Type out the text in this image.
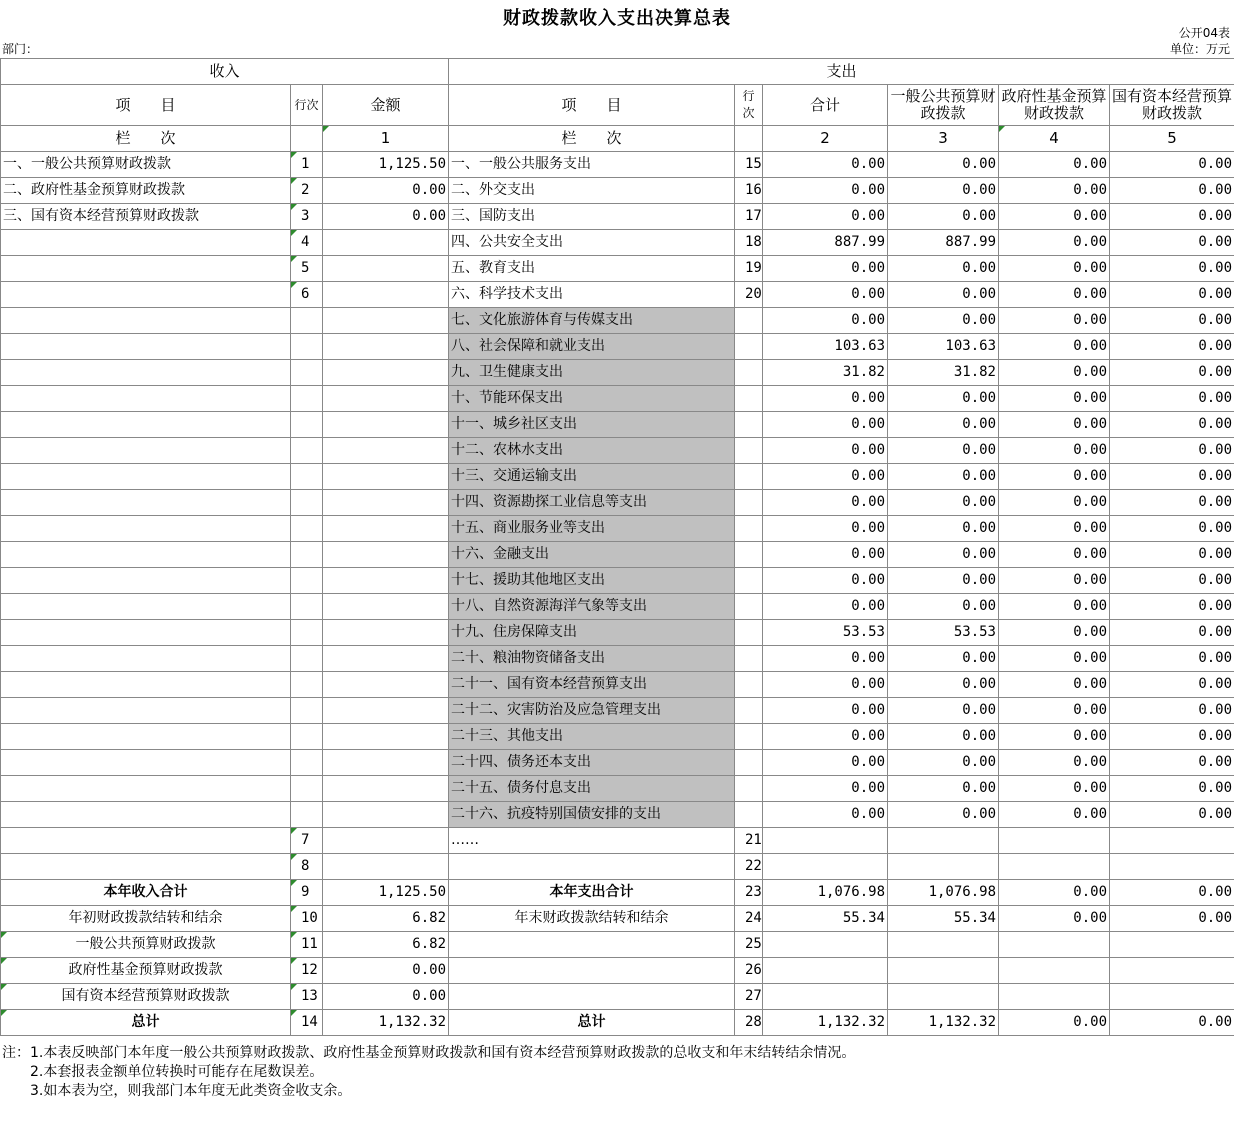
财政拨款收入支出决算总表
公开04表
部门：	单位：万元
收入			支出					
项　　目	行次	金额	项　　目	行次	合计	一般公共预算财政拨款	政府性基金预算财政拨款	国有资本经营预算财政拨款
栏　　次		1	栏　　次		2	3	4	5
一、一般公共预算财政拨款	1	1,125.50	一、一般公共服务支出	15	0.00	0.00	0.00	0.00
二、政府性基金预算财政拨款	2	0.00	二、外交支出	16	0.00	0.00	0.00	0.00
三、国有资本经营预算财政拨款	3	0.00	三、国防支出	17	0.00	0.00	0.00	0.00
	4		四、公共安全支出	18	887.99	887.99	0.00	0.00
	5		五、教育支出	19	0.00	0.00	0.00	0.00
	6		六、科学技术支出	20	0.00	0.00	0.00	0.00
			七、文化旅游体育与传媒支出		0.00	0.00	0.00	0.00
			八、社会保障和就业支出		103.63	103.63	0.00	0.00
			九、卫生健康支出		31.82	31.82	0.00	0.00
			十、节能环保支出		0.00	0.00	0.00	0.00
			十一、城乡社区支出		0.00	0.00	0.00	0.00
			十二、农林水支出		0.00	0.00	0.00	0.00
			十三、交通运输支出		0.00	0.00	0.00	0.00
			十四、资源勘探工业信息等支出		0.00	0.00	0.00	0.00
			十五、商业服务业等支出		0.00	0.00	0.00	0.00
			十六、金融支出		0.00	0.00	0.00	0.00
			十七、援助其他地区支出		0.00	0.00	0.00	0.00
			十八、自然资源海洋气象等支出		0.00	0.00	0.00	0.00
			十九、住房保障支出		53.53	53.53	0.00	0.00
			二十、粮油物资储备支出		0.00	0.00	0.00	0.00
			二十一、国有资本经营预算支出		0.00	0.00	0.00	0.00
			二十二、灾害防治及应急管理支出		0.00	0.00	0.00	0.00
			二十三、其他支出		0.00	0.00	0.00	0.00
			二十四、债务还本支出		0.00	0.00	0.00	0.00
			二十五、债务付息支出		0.00	0.00	0.00	0.00
			二十六、抗疫特别国债安排的支出		0.00	0.00	0.00	0.00
	7		……	21				
	8			22				
本年收入合计	9	1,125.50	本年支出合计	23	1,076.98	1,076.98	0.00	0.00
年初财政拨款结转和结余	10	6.82	年末财政拨款结转和结余	24	55.34	55.34	0.00	0.00
一般公共预算财政拨款	11	6.82		25				
政府性基金预算财政拨款	12	0.00		26				
国有资本经营预算财政拨款	13	0.00		27				
总计	14	1,132.32	总计	28	1,132.32	1,132.32	0.00	0.00
注：1.本表反映部门本年度一般公共预算财政拨款、政府性基金预算财政拨款和国有资本经营预算财政拨款的总收支和年末结转结余情况。
　　2.本套报表金额单位转换时可能存在尾数误差。
　　3.如本表为空，则我部门本年度无此类资金收支余。
